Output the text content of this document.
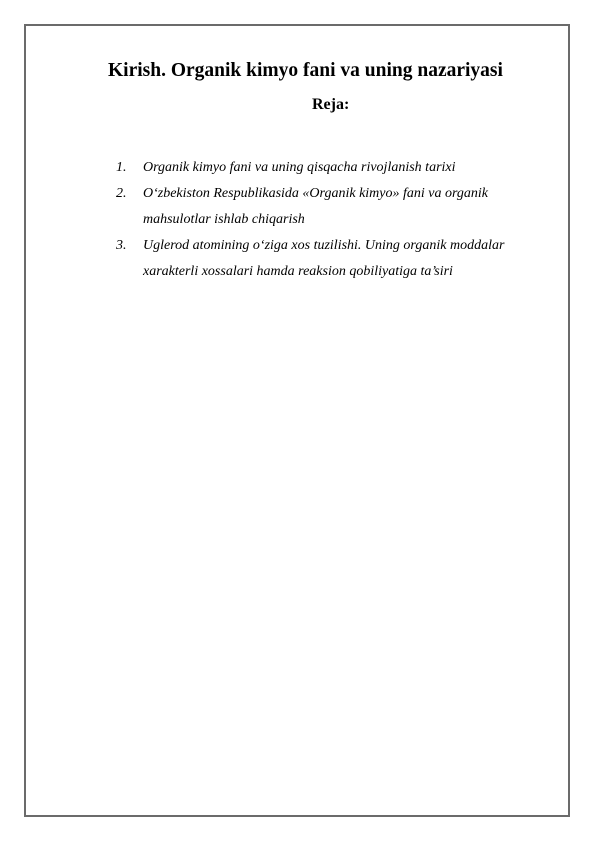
Kirish. Organik kimyo fani va uning nazariyasi
Reja:
1. Organik kimyo fani va uning qisqacha rivojlanish tarixi
2. O‘zbekiston Respublikasida «Organik kimyo» fani va organik mahsulotlar ishlab chiqarish
3. Uglerod atomining o‘ziga xos tuzilishi. Uning organik moddalar xarakterli xossalari hamda reaksion qobiliyatiga ta’siri
